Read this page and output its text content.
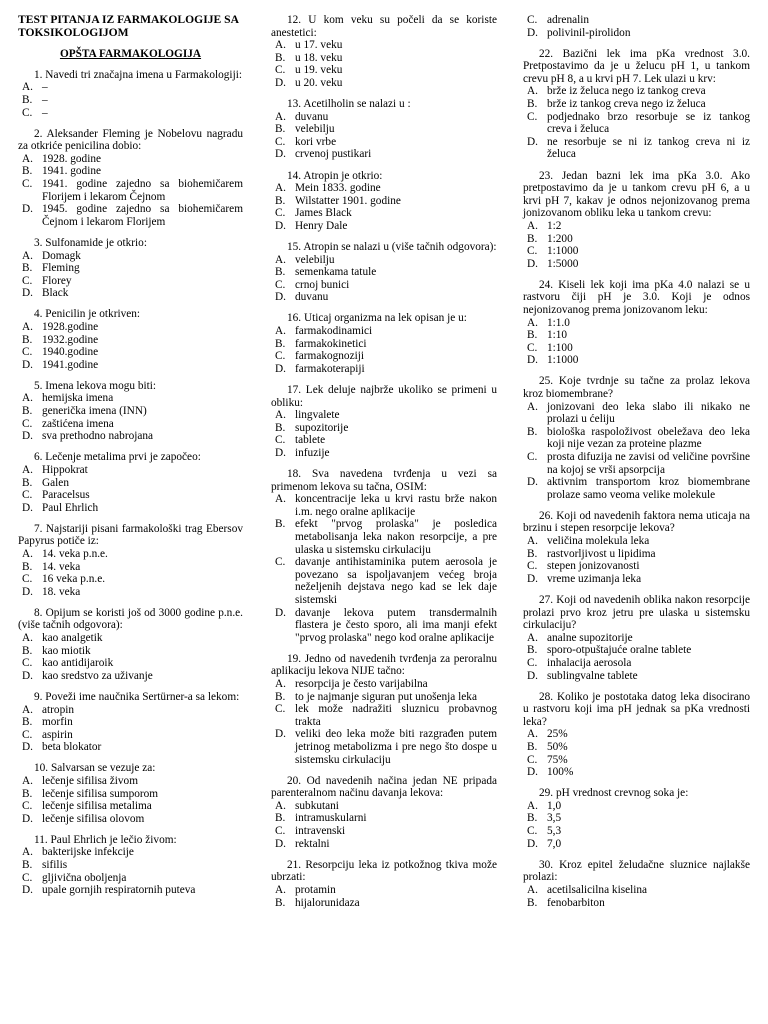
TEST PITANJA IZ FARMAKOLOGIJE SA TOKSIKOLOGIJOM
OPŠTA FARMAKOLOGIJA
1. Navedi tri značajna imena u Farmakologiji:
A. –
B. –
C. –
2. Aleksander Fleming je Nobelovu nagradu za otkriće penicilina dobio:
A. 1928. godine
B. 1941. godine
C. 1941. godine zajedno sa biohemičarem Florijem i lekarom Čejnom
D. 1945. godine zajedno sa biohemičarem Čejnom i lekarom Florijem
3. Sulfonamide je otkrio:
A. Domagk
B. Fleming
C. Florey
D. Black
4. Penicilin je otkriven:
A. 1928.godine
B. 1932.godine
C. 1940.godine
D. 1941.godine
5. Imena lekova mogu biti:
A. hemijska imena
B. generička imena (INN)
C. zaštićena imena
D. sva prethodno nabrojana
6. Lečenje metalima prvi je započeo:
A. Hippokrat
B. Galen
C. Paracelsus
D. Paul Ehrlich
7. Najstariji pisani farmakološki trag Ebersov Papyrus potiče iz:
A. 14. veka p.n.e.
B. 14. veka
C. 16 veka p.n.e.
D. 18. veka
8. Opijum se koristi još od 3000 godine p.n.e. (više tačnih odgovora):
A. kao analgetik
B. kao miotik
C. kao antidijaroik
D. kao sredstvo za uživanje
9. Poveži ime naučnika Sertürner-a sa lekom:
A. atropin
B. morfin
C. aspirin
D. beta blokator
10. Salvarsan se vezuje za:
A. lečenje sifilisa živom
B. lečenje sifilisa sumporom
C. lečenje sifilisa metalima
D. lečenje sifilisa olovom
11. Paul Ehrlich je lečio živom:
A. bakterijske infekcije
B. sifilis
C. gljivična oboljenja
D. upale gornjih respiratornih puteva
12. U kom veku su počeli da se koriste anestetici:
A. u 17. veku
B. u 18. veku
C. u 19. veku
D. u 20. veku
13. Acetilholin se nalazi u :
A. duvanu
B. velebilju
C. kori vrbe
D. crvenoj pustikari
14. Atropin je otkrio:
A. Mein 1833. godine
B. Wilstatter 1901. godine
C. James Black
D. Henry Dale
15. Atropin se nalazi u (više tačnih odgovora):
A. velebilju
B. semenkama tatule
C. crnoj bunici
D. duvanu
16. Uticaj organizma na lek opisan je u:
A. farmakodinamici
B. farmakokinetici
C. farmakognoziji
D. farmakoterapiji
17. Lek deluje najbrže ukoliko se primeni u obliku:
A. lingvalete
B. supozitorije
C. tablete
D. infuzije
18. Sva navedena tvrđenja u vezi sa primenom lekova su tačna, OSIM:
A. koncentracije leka u krvi rastu brže nakon i.m. nego oralne aplikacije
B. efekt "prvog prolaska" je posledica metabolisanja leka nakon resorpcije, a pre ulaska u sistemsku cirkulaciju
C. davanje antihistaminika putem aerosola je povezano sa ispoljavanjem većeg broja neželjenih dejstava nego kad se lek daje sistemski
D. davanje lekova putem transdermalnih flastera je često sporo, ali ima manji efekt "prvog prolaska" nego kod oralne aplikacije
19. Jedno od navedenih tvrđenja za peroralnu aplikaciju lekova NIJE tačno:
A. resorpcija je često varijabilna
B. to je najmanje siguran put unošenja leka
C. lek može nadražiti sluznicu probavnog trakta
D. veliki deo leka može biti razgrađen putem jetrinog metabolizma i pre nego što dospe u sistemsku cirkulaciju
20. Od navedenih načina jedan NE pripada parenteralnom načinu davanja lekova:
A. subkutani
B. intramuskularni
C. intravenski
D. rektalni
21. Resorpciju leka iz potkožnog tkiva može ubrzati:
A. protamin
B. hijalorunidaza
C. adrenalin
D. polivinil-pirolidon
22. Bazični lek ima pKa vrednost 3.0. Pretpostavimo da je u želucu pH 1, u tankom crevu pH 8, a u krvi pH 7. Lek ulazi u krv:
A. brže iz želuca nego iz tankog creva
B. brže iz tankog creva nego iz želuca
C. podjednako brzo resorbuje se iz tankog creva i želuca
D. ne resorbuje se ni iz tankog creva ni iz želuca
23. Jedan bazni lek ima pKa 3.0. Ako pretpostavimo da je u tankom crevu pH 6, a u krvi pH 7, kakav je odnos nejonizovanog prema jonizovanom obliku leka u tankom crevu:
A. 1:2
B. 1:200
C. 1:1000
D. 1:5000
24. Kiseli lek koji ima pKa 4.0 nalazi se u rastvoru čiji pH je 3.0. Koji je odnos nejonizovanog prema jonizovanom leku:
A. 1:1.0
B. 1:10
C. 1:100
D. 1:1000
25. Koje tvrdnje su tačne za prolaz lekova kroz biomembrane?
A. jonizovani deo leka slabo ili nikako ne prolazi u ćeliju
B. biološka raspoloživost obeležava deo leka koji nije vezan za proteine plazme
C. prosta difuzija ne zavisi od veličine površine na kojoj se vrši apsorpcija
D. aktivnim transportom kroz biomembrane prolaze samo veoma velike molekule
26. Koji od navedenih faktora nema uticaja na brzinu i stepen resorpcije lekova?
A. veličina molekula leka
B. rastvorljivost u lipidima
C. stepen jonizovanosti
D. vreme uzimanja leka
27. Koji od navedenih oblika nakon resorpcije prolazi prvo kroz jetru pre ulaska u sistemsku cirkulaciju?
A. analne supozitorije
B. sporo-otpuštajuće oralne tablete
C. inhalacija aerosola
D. sublingvalne tablete
28. Koliko je postotaka datog leka disocirano u rastvoru koji ima pH jednak sa pKa vrednosti leka?
A. 25%
B. 50%
C. 75%
D. 100%
29. pH vrednost crevnog soka je:
A. 1,0
B. 3,5
C. 5,3
D. 7,0
30. Kroz epitel želudačne sluznice najlakše prolazi:
A. acetilsalicilna kiselina
B. fenobarbiton
